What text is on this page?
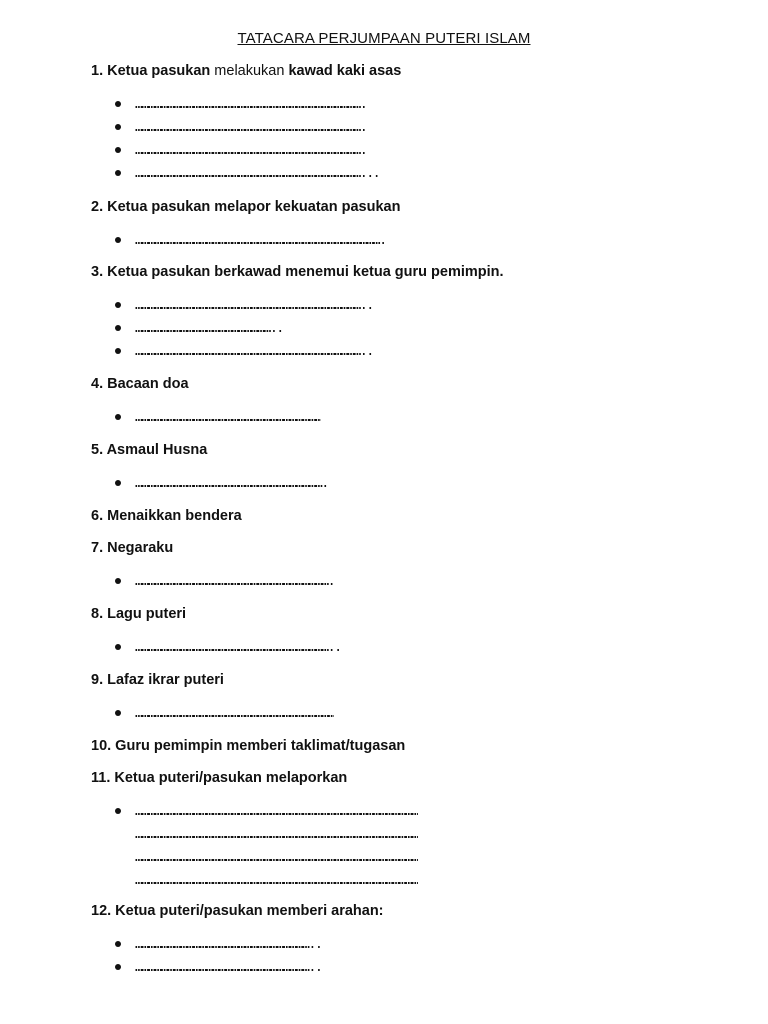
TATACARA PERJUMPAAN PUTERI ISLAM
1. Ketua pasukan melakukan kawad kaki asas
…………………………………………………………………………………………….
…………………………………………………………………………………………….
…………………………………………………………………………………………….
……………………………………………………………………………………………...
2. Ketua pasukan melapor kekuatan pasukan
…………………………………………………………………………………………………….
3. Ketua pasukan berkawad menemui ketua guru pemimpin.
……………………………………………………………………………………………..
………………………………………………………..
……………………………………………………………………………………………..
4. Bacaan doa
……………………………………………………………………………
5. Asmaul Husna
…………………………………………………………………………….
6. Menaikkan bendera
7. Negaraku
……………………………………………………………………………….
8. Lagu puteri
………………………………………………………………………………..
9. Lafaz ikrar puteri
…………………………………………………………………………………
10. Guru pemimpin memberi taklimat/tugasan
11. Ketua puteri/pasukan melaporkan
……………………………………………………………………………………………………………………
……………………………………………………………………………………………………………………
……………………………………………………………………………………………………………………
……………………………………………………………………………………………………………………
12. Ketua puteri/pasukan memberi arahan:
………………………………………………………………………..
………………………………………………………………………..
